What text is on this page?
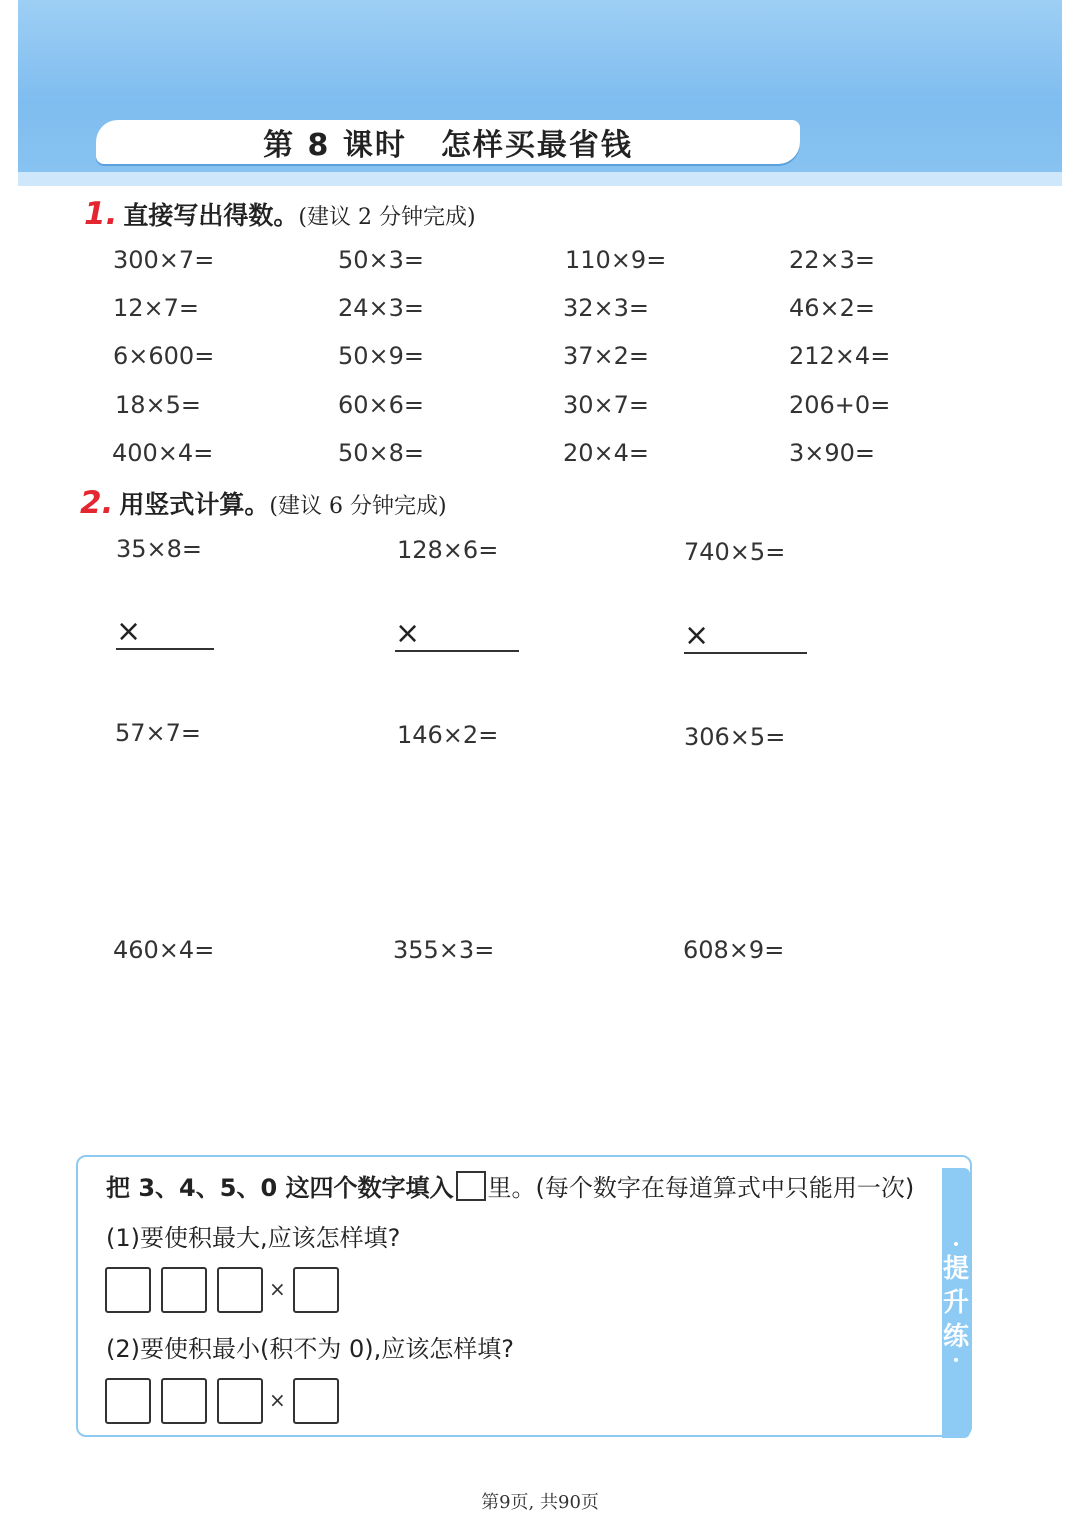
第 8 课时 怎样买最省钱
1. 直接写出得数。 (建议 2 分钟完成)
300×7=	50×3=	110×9=	22×3=
12×7=	24×3=	32×3=	46×2=
6×600=	50×9=	37×2=	212×4=
18×5=	60×6=	30×7=	206+0=
400×4=	50×8=	20×4=	3×90=
2. 用竖式计算。 (建议 6 分钟完成)
35×8=	128×6=	740×5=
×	×	×
57×7=	146×2=	306×5=
460×4=	355×3=	608×9=
•
提
升
练
•
把 3、4、5、0 这四个数字填入 里。(每个数字在每道算式中只能用一次)
(1)要使积最大,应该怎样填?
×
(2)要使积最小(积不为 0),应该怎样填?
×
第9页, 共90页
